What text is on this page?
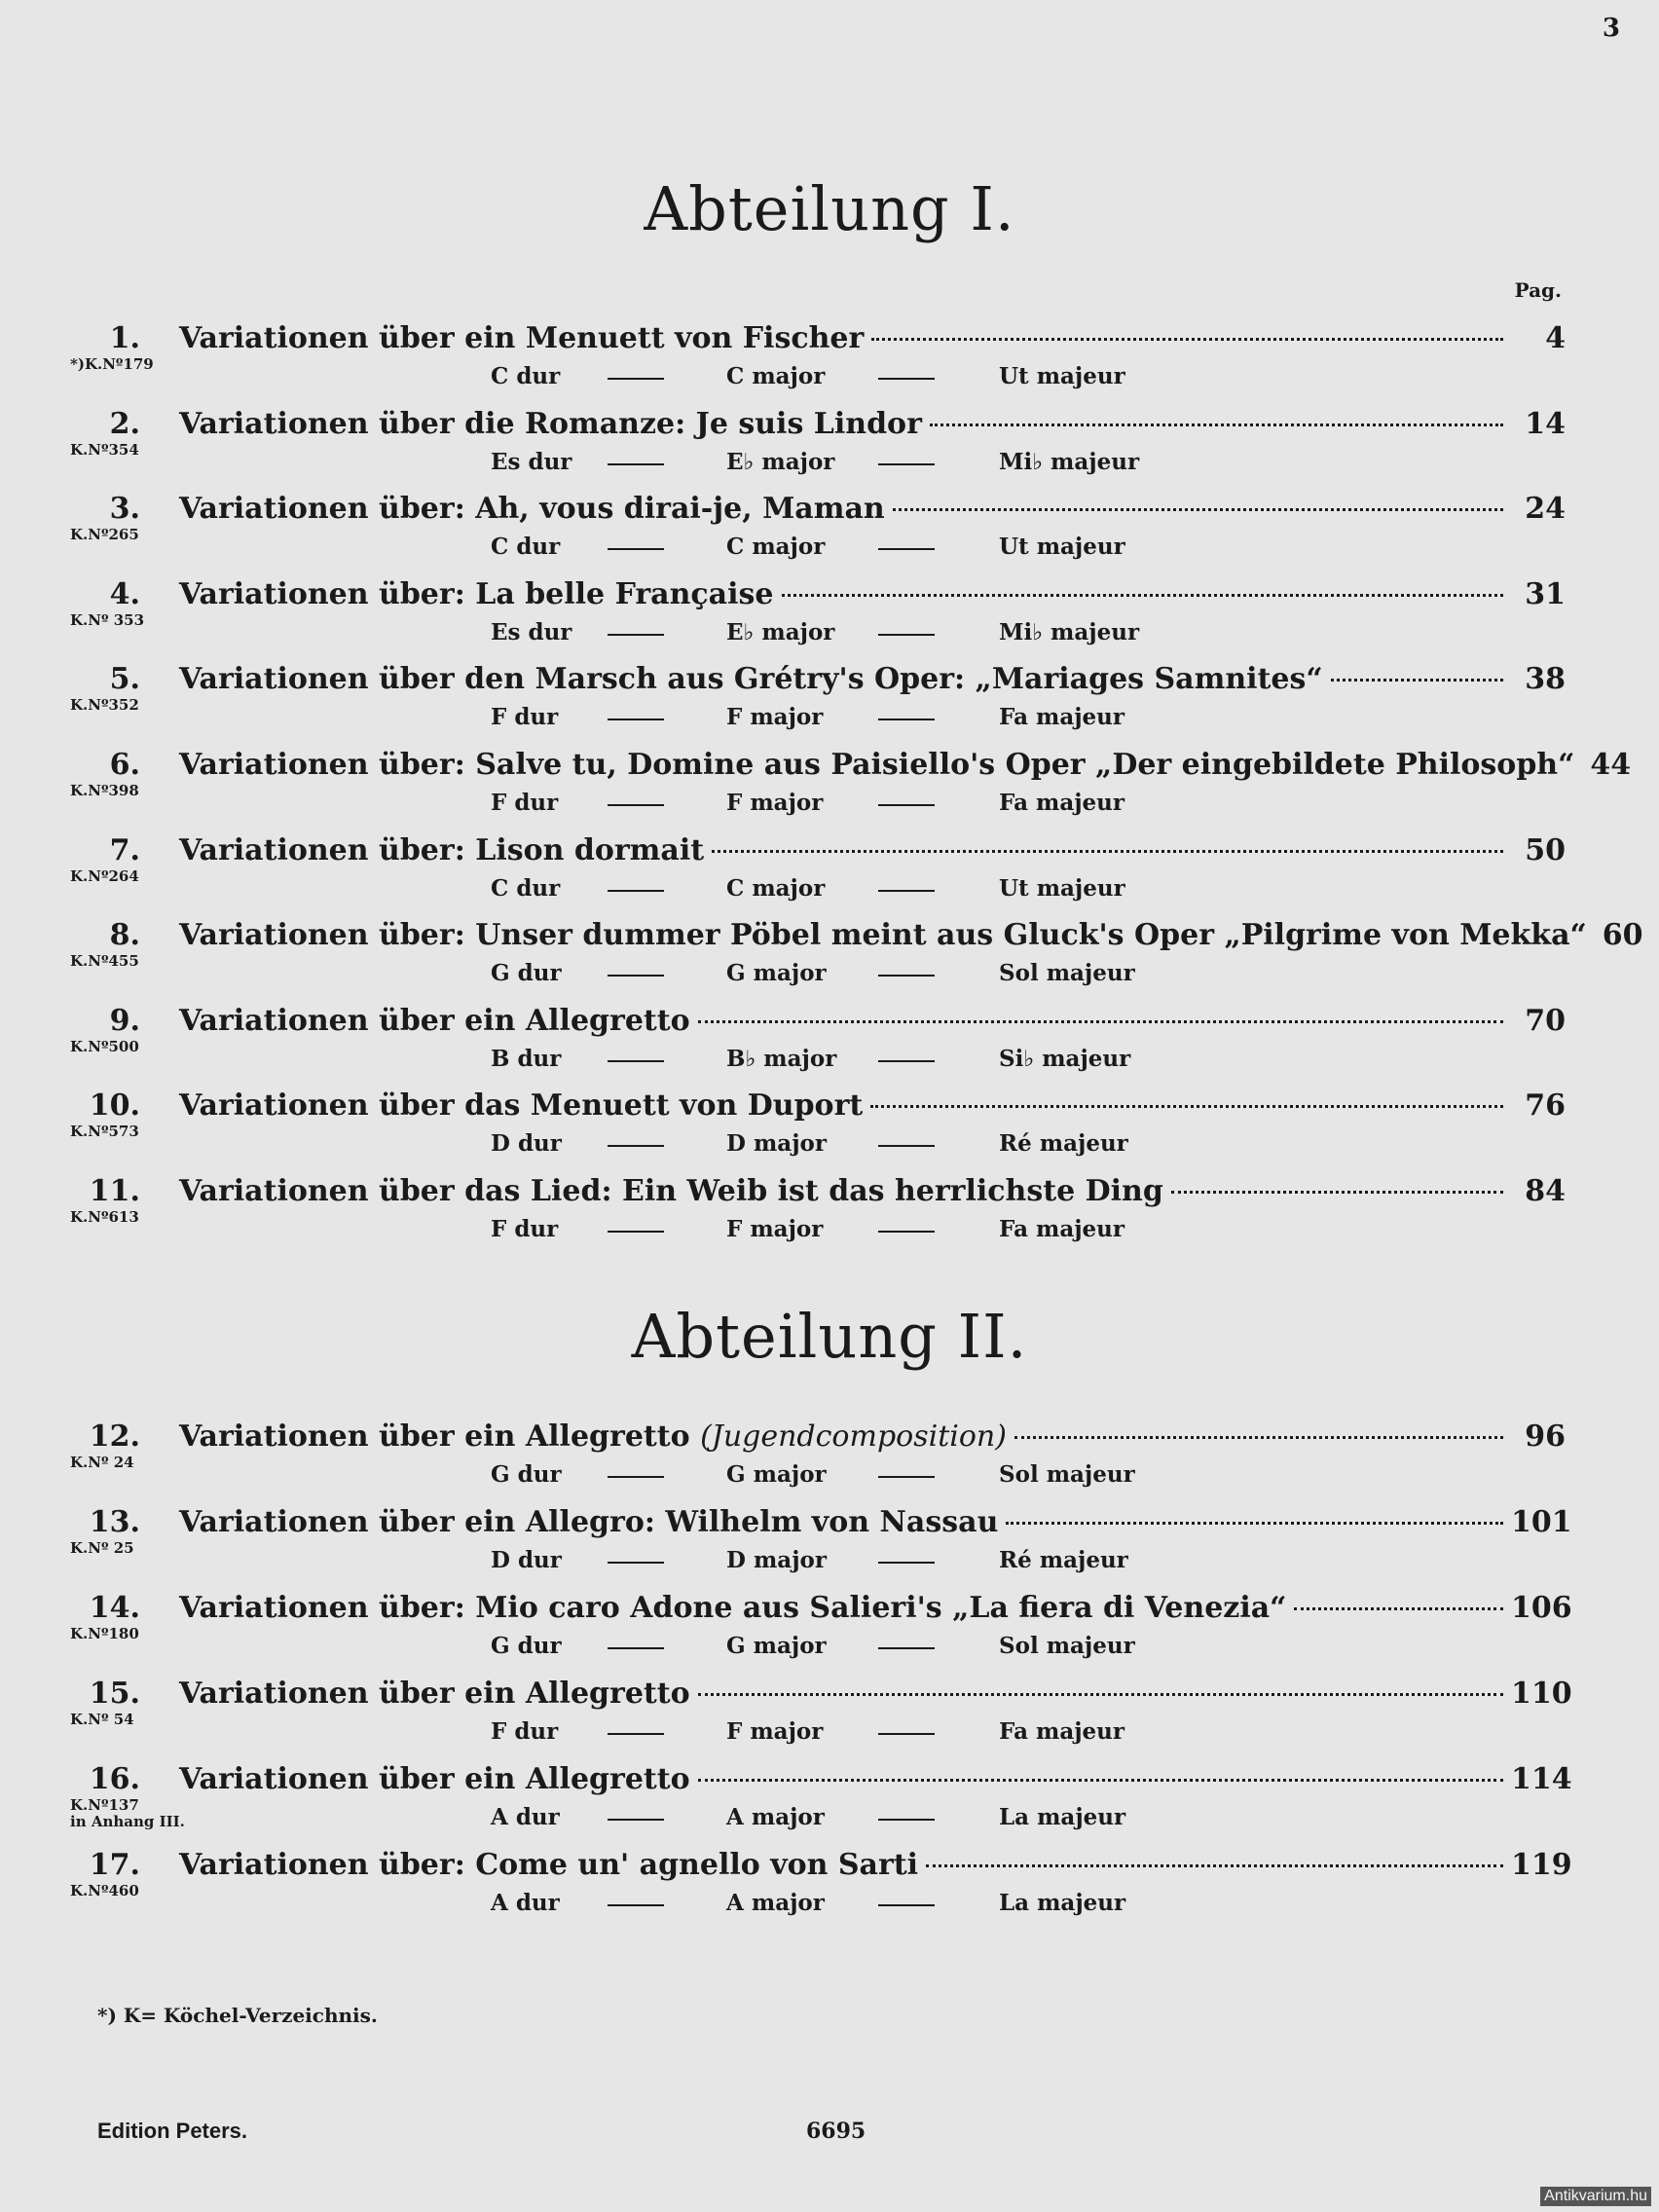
3
Abteilung I.
Pag.
1.
*)K.Nº179
Variationen über ein Menuett von Fischer	4
C dur	C major	Ut majeur
2.
K.Nº354
Variationen über die Romanze: Je suis Lindor	14
Es dur	E♭ major	Mi♭ majeur
3.
K.Nº265
Variationen über: Ah, vous dirai-je, Maman	24
C dur	C major	Ut majeur
4.
K.Nº 353
Variationen über: La belle Française	31
Es dur	E♭ major	Mi♭ majeur
5.
K.Nº352
Variationen über den Marsch aus Grétry's Oper: „Mariages Samnites“	38
F dur	F major	Fa majeur
6.
K.Nº398
Variationen über: Salve tu, Domine aus Paisiello's Oper „Der eingebildete Philosoph“ 44
F dur	F major	Fa majeur
7.
K.Nº264
Variationen über: Lison dormait	50
C dur	C major	Ut majeur
8.
K.Nº455
Variationen über: Unser dummer Pöbel meint aus Gluck's Oper „Pilgrime von Mekka“ 60
G dur	G major	Sol majeur
9.
K.Nº500
Variationen über ein Allegretto	70
B dur	B♭ major	Si♭ majeur
10.
K.Nº573
Variationen über das Menuett von Duport	76
D dur	D major	Ré majeur
11.
K.Nº613
Variationen über das Lied: Ein Weib ist das herrlichste Ding	84
F dur	F major	Fa majeur
Abteilung II.
12.
K.Nº 24
Variationen über ein Allegretto (Jugendcomposition)	96
G dur	G major	Sol majeur
13.
K.Nº 25
Variationen über ein Allegro: Wilhelm von Nassau	101
D dur	D major	Ré majeur
14.
K.Nº180
Variationen über: Mio caro Adone aus Salieri's „La fiera di Venezia“	106
G dur	G major	Sol majeur
15.
K.Nº 54
Variationen über ein Allegretto	110
F dur	F major	Fa majeur
16.
K.Nº137
in Anhang III.
Variationen über ein Allegretto	114
A dur	A major	La majeur
17.
K.Nº460
Variationen über: Come un' agnello von Sarti	119
A dur	A major	La majeur
*) K= Köchel-Verzeichnis.
Edition Peters.	6695
Antikvarium.hu
